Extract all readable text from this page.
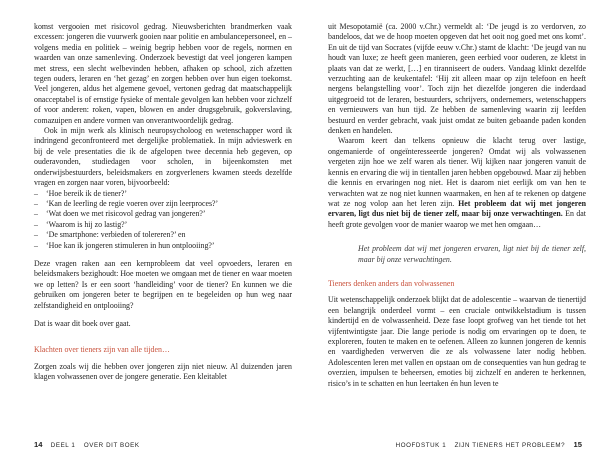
komst vergooien met risicovol gedrag. Nieuwsberichten brandmerken vaak excessen: jongeren die vuurwerk gooien naar politie en ambulancepersoneel, en – volgens media en politiek – weinig begrip hebben voor de regels, normen en waarden van onze samenleving. Onderzoek bevestigt dat veel jongeren kampen met stress, een slecht welbevinden hebben, afhaken op school, zich afzetten tegen ouders, leraren en ‘het gezag’ en zorgen hebben over hun eigen toekomst. Veel jongeren, aldus het algemene gevoel, vertonen gedrag dat maatschappelijk onacceptabel is of ernstige fysieke of mentale gevolgen kan hebben voor zichzelf of voor anderen: roken, vapen, blowen en ander drugsgebruik, gokverslaving, comazuipen en andere vormen van onverantwoordelijk gedrag.

Ook in mijn werk als klinisch neuropsycholoog en wetenschapper word ik indringend geconfronteerd met dergelijke problematiek. In mijn advieswerk en bij de vele presentaties die ik de afgelopen twee decennia heb gegeven, op ouderavonden, studiedagen voor scholen, in bijeenkomsten met onderwijsbestuurders, beleidsmakers en zorgverleners kwamen steeds dezelfde vragen en zorgen naar voren, bijvoorbeeld:

– ‘Hoe bereik ik de tiener?’
– ‘Kan de leerling de regie voeren over zijn leerproces?’
– ‘Wat doen we met risicovol gedrag van jongeren?’
– ‘Waarom is hij zo lastig?’
– ‘De smartphone: verbieden of tolereren?’ en
– ‘Hoe kan ik jongeren stimuleren in hun ontplooiing?’

Deze vragen raken aan een kernprobleem dat veel opvoeders, leraren en beleidsmakers bezighoudt: Hoe moeten we omgaan met de tiener en waar moeten we op letten? Is er een soort ‘handleiding’ voor de tiener? En kunnen we die gebruiken om jongeren beter te begrijpen en te begeleiden op hun weg naar zelfstandigheid en ontplooiing?

Dat is waar dit boek over gaat.

Klachten over tieners zijn van alle tijden…

Zorgen zoals wij die hebben over jongeren zijn niet nieuw. Al duizenden jaren klagen volwassenen over de jongere generatie. Een kleitablet

14 DEEL 1 OVER DIT BOEK

uit Mesopotamië (ca. 2000 v.Chr.) vermeldt al: ‘De jeugd is zo verdorven, zo bandeloos, dat we de hoop moeten opgeven dat het ooit nog goed met ons komt’. En uit de tijd van Socrates (vijfde eeuw v.Chr.) stamt de klacht: ‘De jeugd van nu houdt van luxe; ze heeft geen manieren, geen eerbied voor ouderen, ze kletst in plaats van dat ze werkt, […] en tiranniseert de ouders. Vandaag klinkt dezelfde verzuchting aan de keukentafel: ‘Hij zit alleen maar op zijn telefoon en heeft nergens belangstelling voor’. Toch zijn het diezelfde jongeren die inderdaad uitgegroeid tot de leraren, bestuurders, schrijvers, ondernemers, wetenschappers en vernieuwers van hun tijd. Ze hebben de samenleving waarin zij leefden bestuurd en verder gebracht, vaak juist omdat ze buiten gebaande paden konden denken en handelen.

Waarom keert dan telkens opnieuw die klacht terug over lastige, ongemanierde of ongeïnteresseerde jongeren? Omdat wij als volwassenen vergeten zijn hoe we zelf waren als tiener. Wij kijken naar jongeren vanuit de kennis en ervaring die wij in tientallen jaren hebben opgebouwd. Maar zij hebben die kennis en ervaringen nog niet. Het is daarom niet eerlijk om van hen te verwachten wat ze nog niet kunnen waarmaken, en hen af te rekenen op datgene wat ze nog volop aan het leren zijn. Het probleem dat wij met jongeren ervaren, ligt dus niet bij de tiener zelf, maar bij onze verwachtingen. En dat heeft grote gevolgen voor de manier waarop we met hen omgaan…

Het probleem dat wij met jongeren ervaren, ligt niet bij de tiener zelf, maar bij onze verwachtingen.

Tieners denken anders dan volwassenen

Uit wetenschappelijk onderzoek blijkt dat de adolescentie – waarvan de tienertijd een belangrijk onderdeel vormt – een cruciale ontwikkelstadium is tussen kindertijd en de volwassenheid. Deze fase loopt grofweg van het tiende tot het vijfentwintigste jaar. Die lange periode is nodig om ervaringen op te doen, te exploreren, fouten te maken en te oefenen. Alleen zo kunnen jongeren de kennis en vaardigheden verwerven die ze als volwassene later nodig hebben. Adolescenten leren met vallen en opstaan om de consequenties van hun gedrag te overzien, impulsen te beheersen, emoties bij zichzelf en anderen te herkennen, risico’s in te schatten en hun leertaken én hun leven te

HOOFDSTUK 1 ZIJN TIENERS HET PROBLEEM? 15
